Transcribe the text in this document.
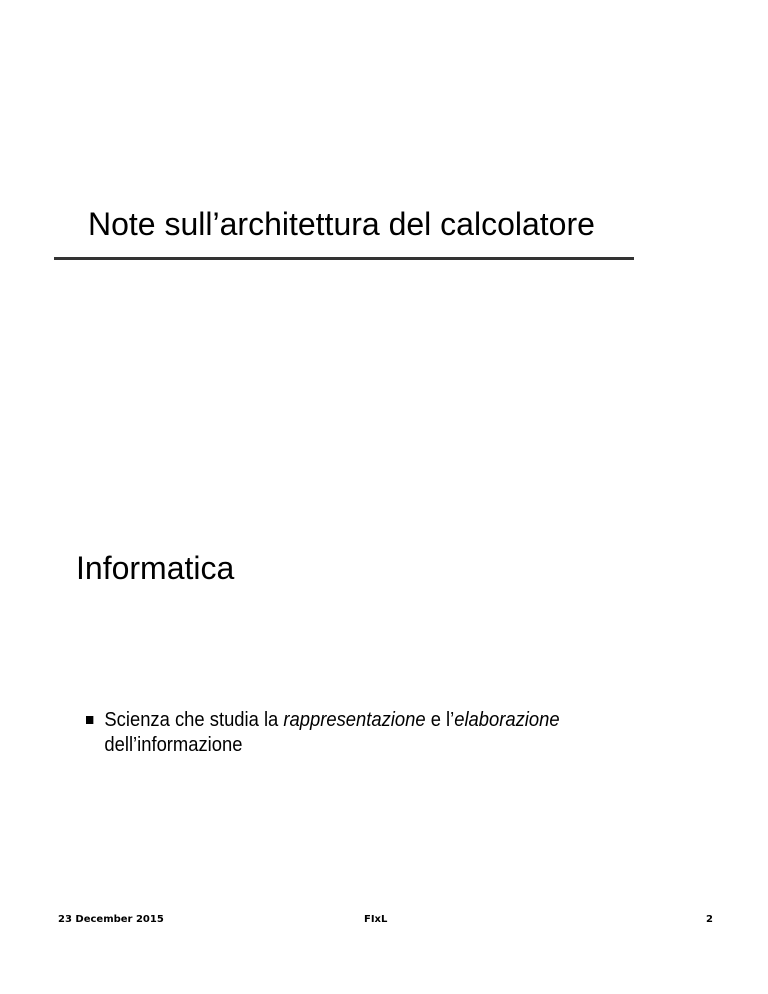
Note sull’architettura del calcolatore
Informatica
Scienza che studia la rappresentazione e l’elaborazione dell’informazione
23 December 2015	FIxL	2
